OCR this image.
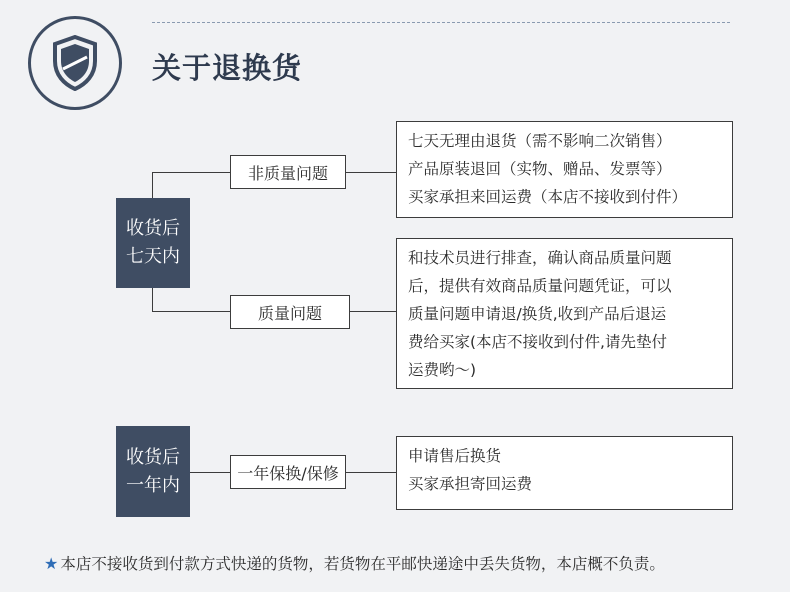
关于退换货
收货后
七天内
非质量问题
七天无理由退货（需不影响二次销售）
产品原装退回（实物、赠品、发票等）
买家承担来回运费（本店不接收到付件）
质量问题
和技术员进行排查，确认商品质量问题
后，提供有效商品质量问题凭证，可以
质量问题申请退/换货,收到产品后退运
费给买家(本店不接收到付件,请先垫付
运费哟～)
收货后
一年内
一年保换/保修
申请售后换货
买家承担寄回运费
★ 本店不接收货到付款方式快递的货物，若货物在平邮快递途中丢失货物，本店概不负责。
